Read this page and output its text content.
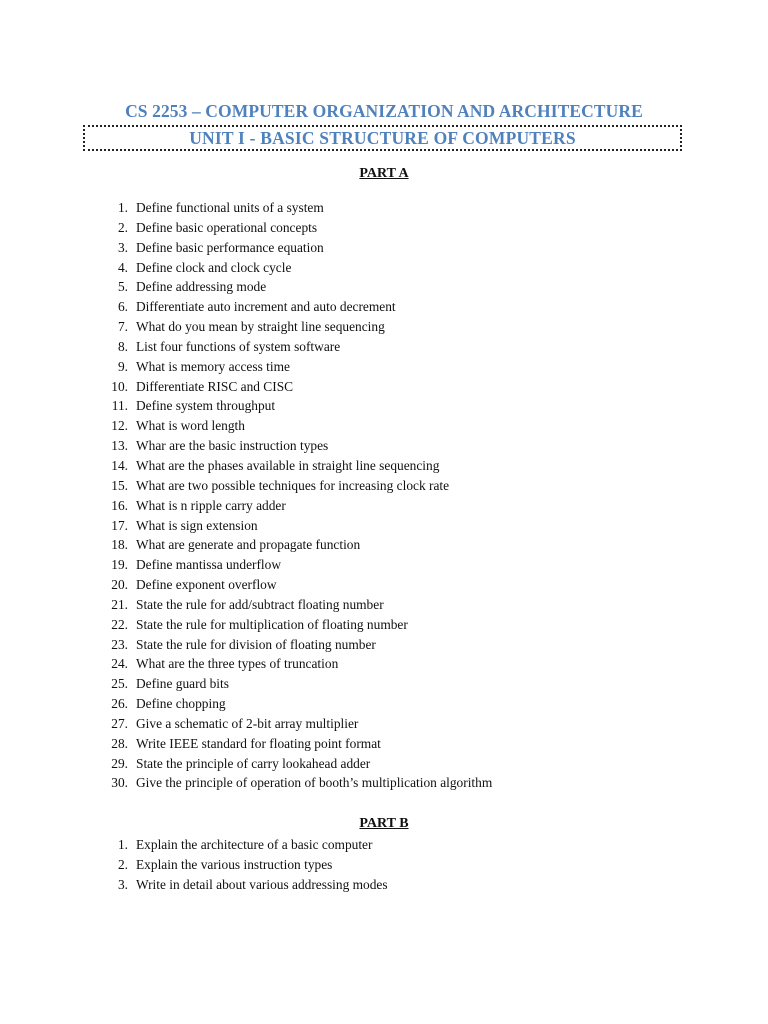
CS 2253 – COMPUTER ORGANIZATION AND ARCHITECTURE
UNIT I - BASIC STRUCTURE OF COMPUTERS
PART A
1. Define functional units of a system
2. Define basic operational concepts
3. Define basic performance equation
4. Define clock and clock cycle
5. Define addressing mode
6. Differentiate auto increment and auto decrement
7. What do you mean by straight line sequencing
8. List four functions of system software
9. What is memory access time
10. Differentiate RISC and CISC
11. Define system throughput
12. What is word length
13. Whar are the basic instruction types
14. What are the phases available in straight line sequencing
15. What are two possible techniques for increasing clock rate
16. What is n ripple carry adder
17. What is sign extension
18. What are generate and propagate function
19. Define mantissa underflow
20. Define exponent overflow
21. State the rule for add/subtract floating number
22. State the rule for multiplication of floating number
23. State the rule for division of floating number
24. What are the three types of truncation
25. Define guard bits
26. Define chopping
27. Give a schematic of 2-bit array multiplier
28. Write IEEE standard for floating point format
29. State the principle of carry lookahead adder
30. Give the principle of operation of booth’s multiplication algorithm
PART B
1. Explain the architecture of a basic computer
2. Explain the various instruction types
3. Write in detail about various addressing modes
